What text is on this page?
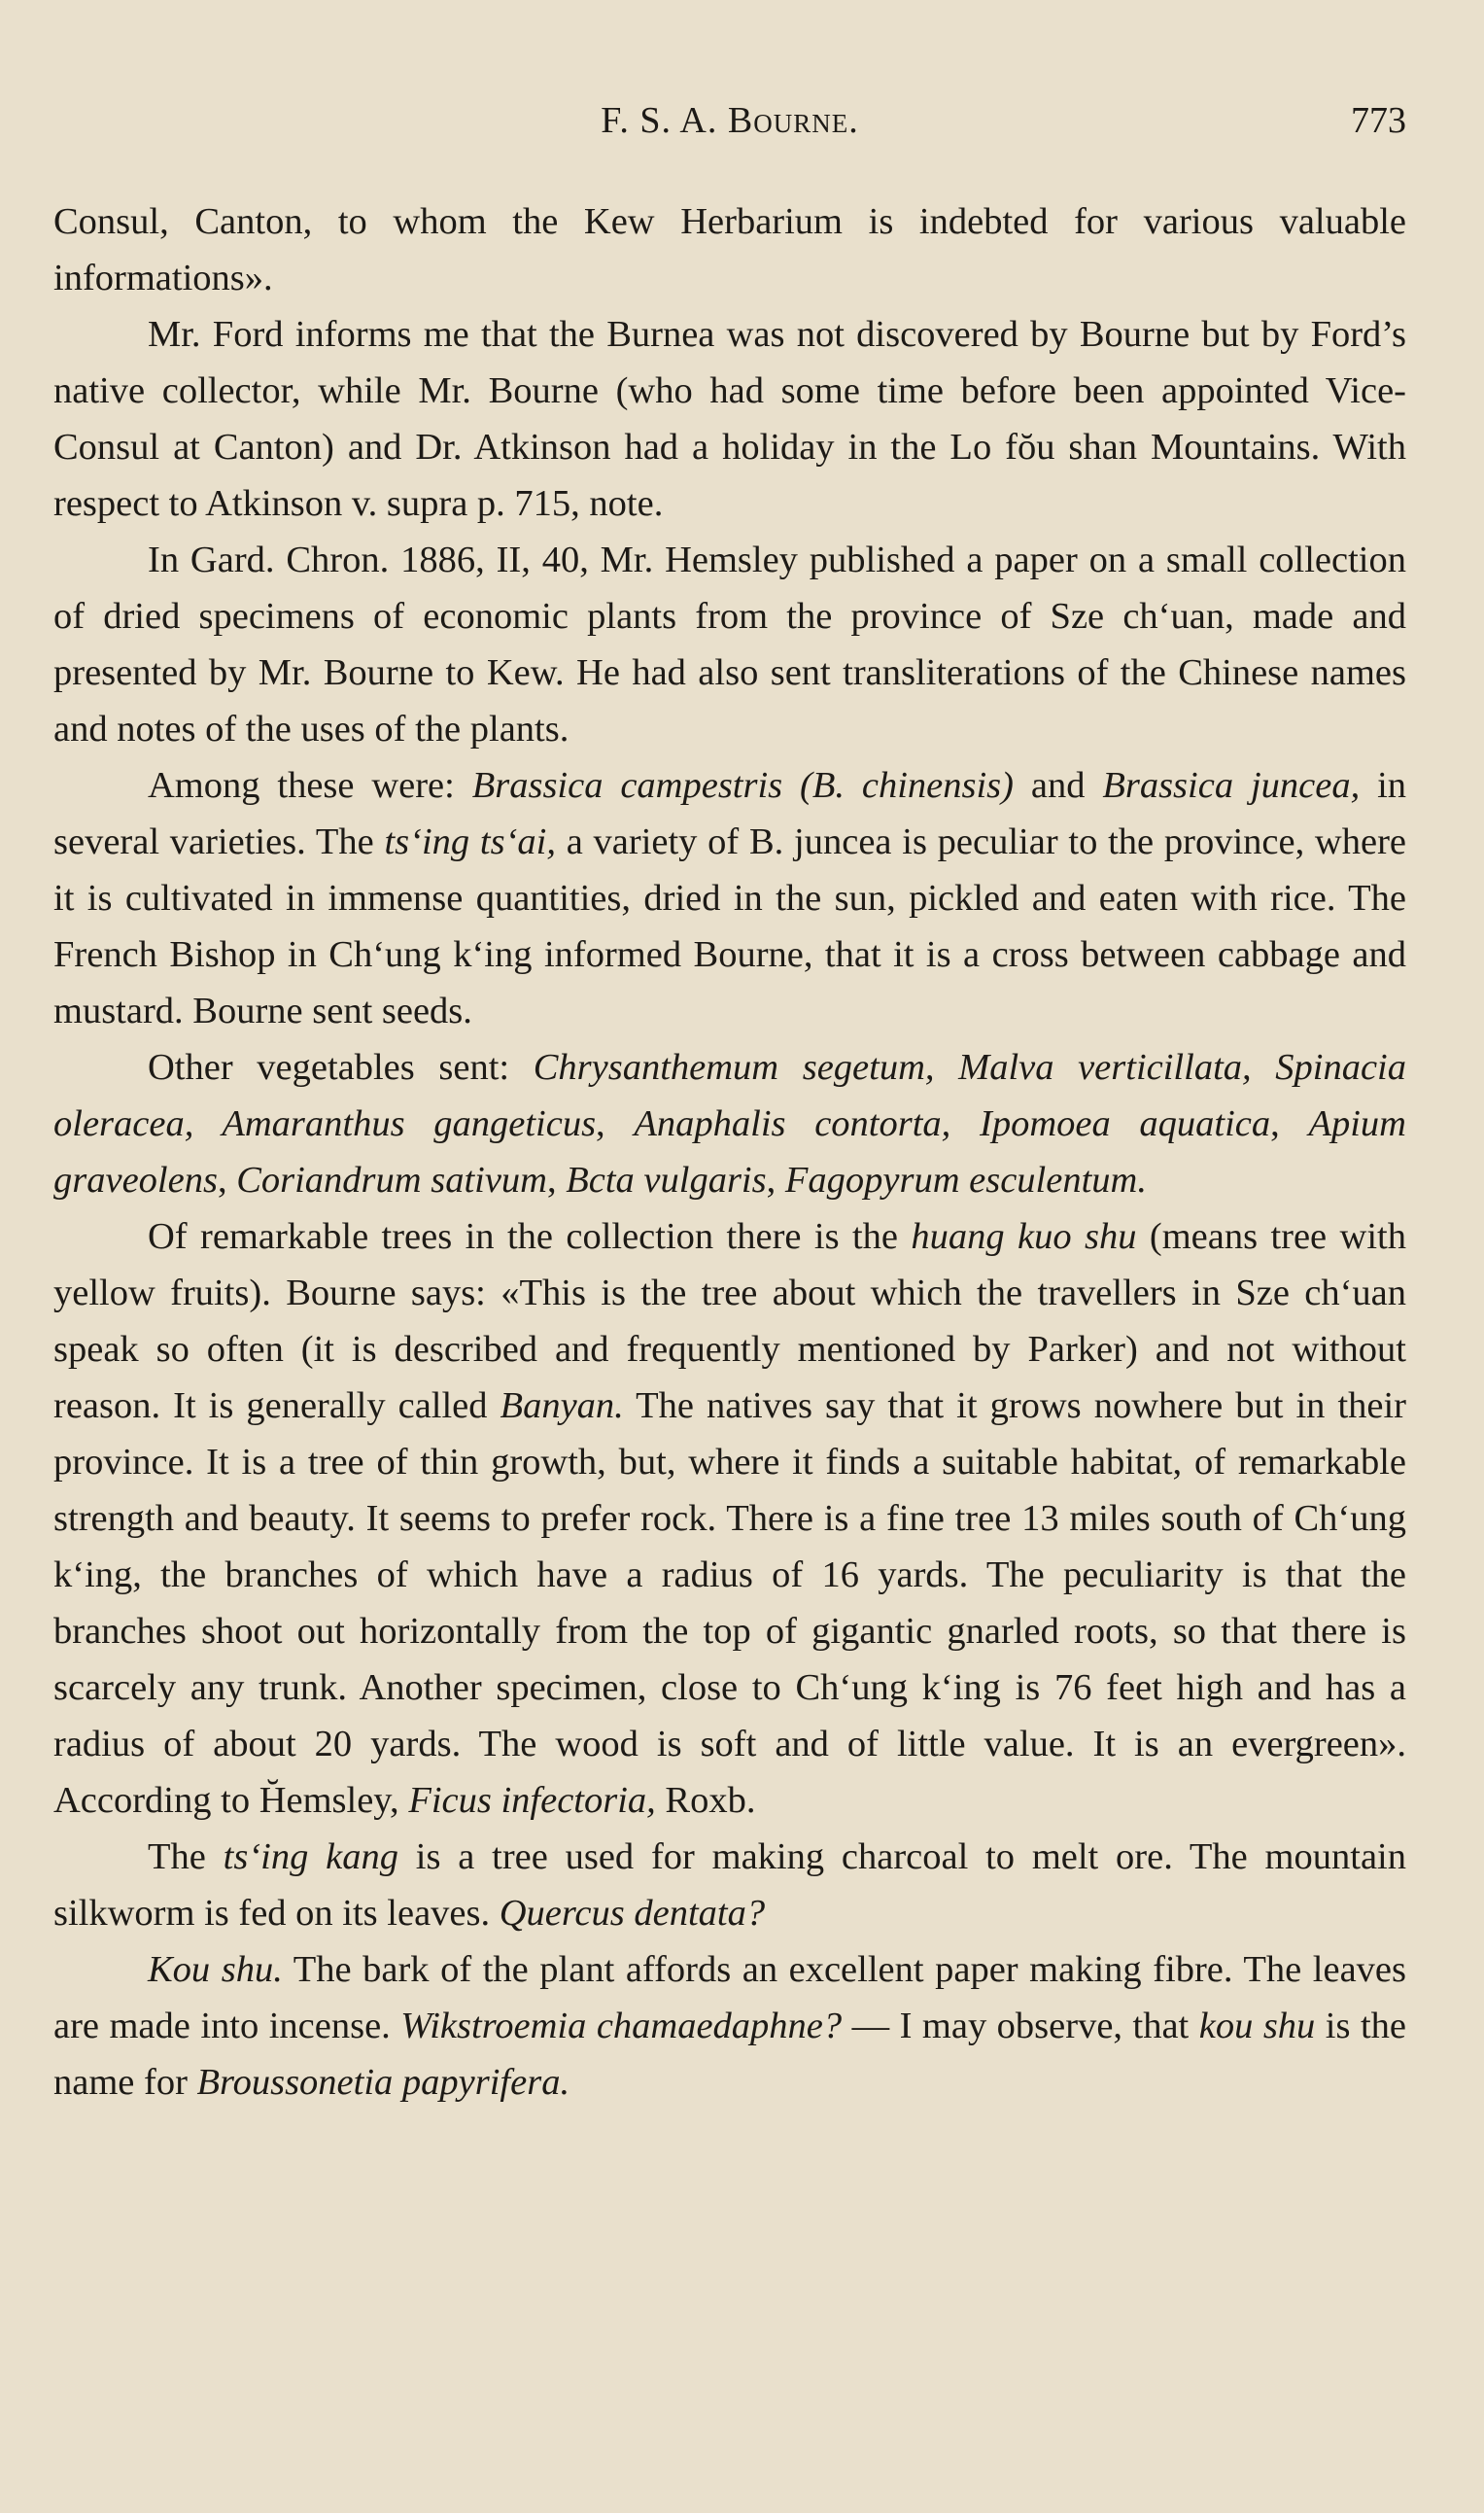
F. S. A. Bourne.	773

Consul, Canton, to whom the Kew Herbarium is indebted for various valuable informations».

Mr. Ford informs me that the Burnea was not discovered by Bourne but by Ford’s native collector, while Mr. Bourne (who had some time before been appointed Vice-Consul at Canton) and Dr. Atkinson had a holiday in the Lo fŏu shan Mountains. With respect to Atkinson v. supra p. 715, note.

In Gard. Chron. 1886, II, 40, Mr. Hemsley published a paper on a small collection of dried specimens of economic plants from the province of Sze chʻuan, made and presented by Mr. Bourne to Kew. He had also sent transliterations of the Chinese names and notes of the uses of the plants.

Among these were: Brassica campestris (B. chinensis) and Brassica juncea, in several varieties. The tsʻing tsʻai, a variety of B. juncea is peculiar to the province, where it is cultivated in immense quantities, dried in the sun, pickled and eaten with rice. The French Bishop in Chʻung kʻing informed Bourne, that it is a cross between cabbage and mustard. Bourne sent seeds.

Other vegetables sent: Chrysanthemum segetum, Malva verticillata, Spinacia oleracea, Amaranthus gangeticus, Anaphalis contorta, Ipomoea aquatica, Apium graveolens, Coriandrum sativum, Bcta vulgaris, Fagopyrum esculentum.

Of remarkable trees in the collection there is the huang kuo shu (means tree with yellow fruits). Bourne says: «This is the tree about which the travellers in Sze chʻuan speak so often (it is described and frequently mentioned by Parker) and not without reason. It is generally called Banyan. The natives say that it grows nowhere but in their province. It is a tree of thin growth, but, where it finds a suitable habitat, of remarkable strength and beauty. It seems to prefer rock. There is a fine tree 13 miles south of Chʻung kʻing, the branches of which have a radius of 16 yards. The peculiarity is that the branches shoot out horizontally from the top of gigantic gnarled roots, so that there is scarcely any trunk. Another specimen, close to Chʻung kʻing is 76 feet high and has a radius of about 20 yards. The wood is soft and of little value. It is an evergreen». According to H̆emsley, Ficus infectoria, Roxb.

The tsʻing kang is a tree used for making charcoal to melt ore. The mountain silkworm is fed on its leaves. Quercus dentata?

Kou shu. The bark of the plant affords an excellent paper making fibre. The leaves are made into incense. Wikstroemia chamaedaphne? — I may observe, that kou shu is the name for Broussonetia papyrifera.
